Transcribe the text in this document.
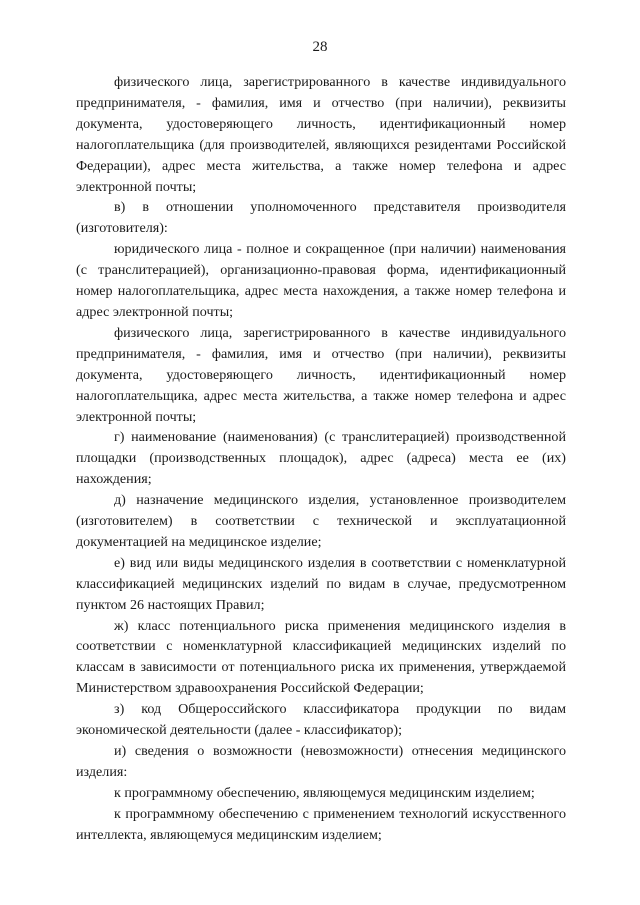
28

физического лица, зарегистрированного в качестве индивидуального предпринимателя, - фамилия, имя и отчество (при наличии), реквизиты документа, удостоверяющего личность, идентификационный номер налогоплательщика (для производителей, являющихся резидентами Российской Федерации), адрес места жительства, а также номер телефона и адрес электронной почты;

в) в отношении уполномоченного представителя производителя (изготовителя):

юридического лица - полное и сокращенное (при наличии) наименования (с транслитерацией), организационно-правовая форма, идентификационный номер налогоплательщика, адрес места нахождения, а также номер телефона и адрес электронной почты;

физического лица, зарегистрированного в качестве индивидуального предпринимателя, - фамилия, имя и отчество (при наличии), реквизиты документа, удостоверяющего личность, идентификационный номер налогоплательщика, адрес места жительства, а также номер телефона и адрес электронной почты;

г) наименование (наименования) (с транслитерацией) производственной площадки (производственных площадок), адрес (адреса) места ее (их) нахождения;

д) назначение медицинского изделия, установленное производителем (изготовителем) в соответствии с технической и эксплуатационной документацией на медицинское изделие;

е) вид или виды медицинского изделия в соответствии с номенклатурной классификацией медицинских изделий по видам в случае, предусмотренном пунктом 26 настоящих Правил;

ж) класс потенциального риска применения медицинского изделия в соответствии с номенклатурной классификацией медицинских изделий по классам в зависимости от потенциального риска их применения, утверждаемой Министерством здравоохранения Российской Федерации;

з) код Общероссийского классификатора продукции по видам экономической деятельности (далее - классификатор);

и) сведения о возможности (невозможности) отнесения медицинского изделия:

к программному обеспечению, являющемуся медицинским изделием;

к программному обеспечению с применением технологий искусственного интеллекта, являющемуся медицинским изделием;
